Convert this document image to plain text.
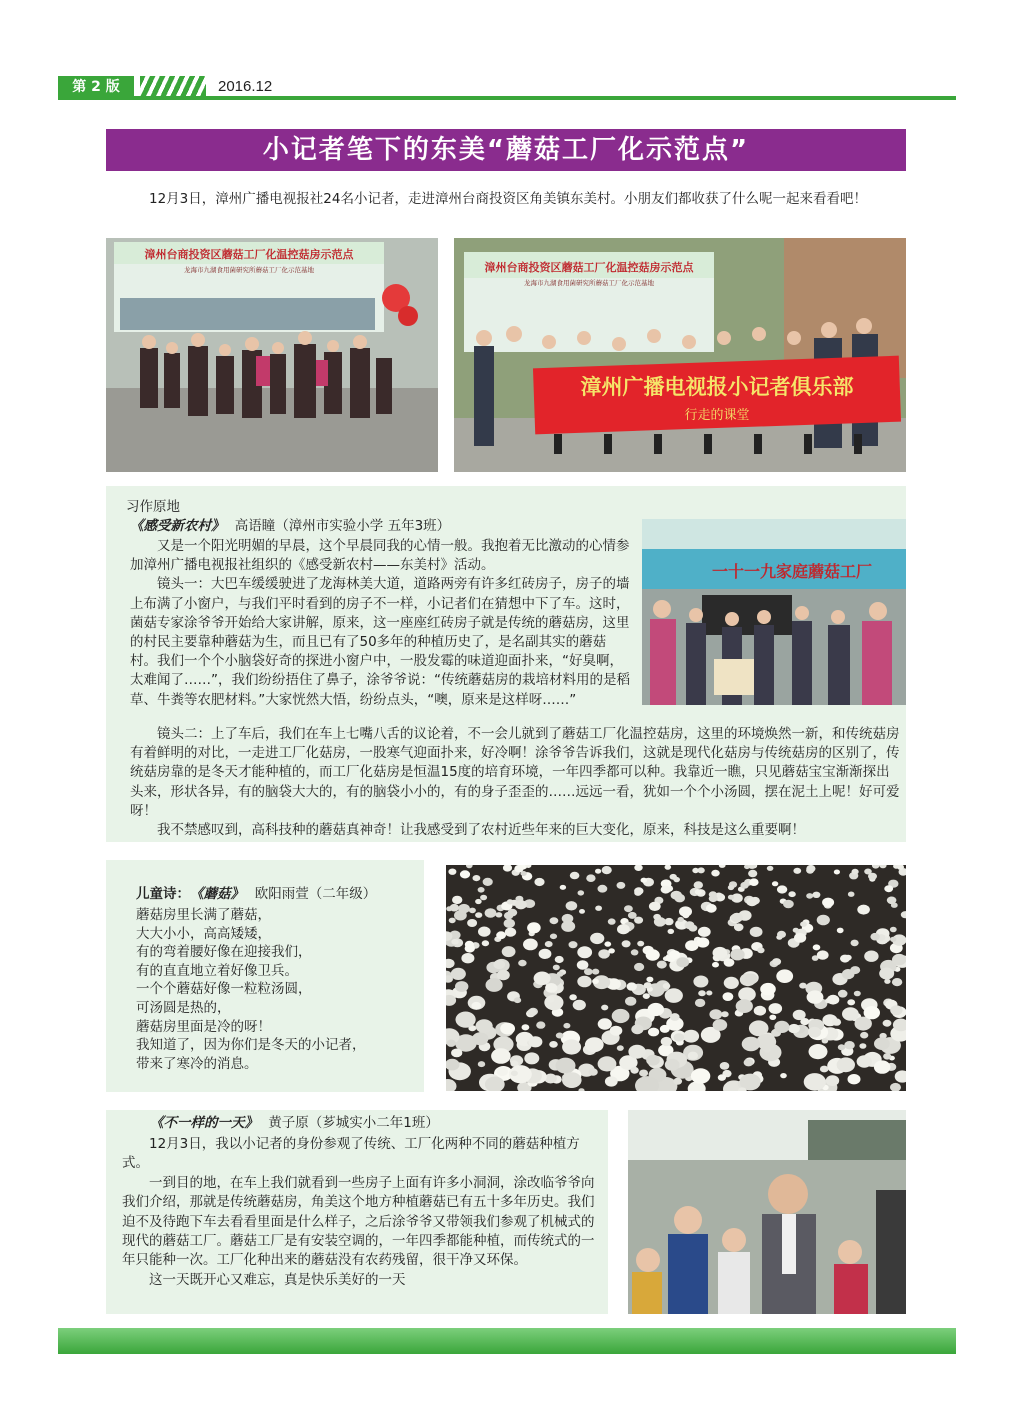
第 2 版	2016.12
小记者笔下的东美“蘑菇工厂化示范点”
12月3日，漳州广播电视报社24名小记者，走进漳州台商投资区角美镇东美村。小朋友们都收获了什么呢一起来看看吧！
漳州台商投资区蘑菇工厂化温控菇房示范点
龙海市九湖食用菌研究所蘑菇工厂化示范基地	漳州台商投资区蘑菇工厂化温控菇房示范点
龙海市九湖食用菌研究所蘑菇工厂化示范基地
漳州广播电视报小记者俱乐部
行走的课堂
习作原地
《感受新农村》 高语瞳（漳州市实验小学 五年3班）
一十一九家庭蘑菇工厂

又是一个阳光明媚的早晨，这个早晨同我的心情一般。我抱着无比激动的心情参加漳州广播电视报社组织的《感受新农村——东美村》活动。

镜头一：大巴车缓缓驶进了龙海林美大道，道路两旁有许多红砖房子，房子的墙上布满了小窗户，与我们平时看到的房子不一样，小记者们在猜想中下了车。这时，菌菇专家涂爷爷开始给大家讲解，原来，这一座座红砖房子就是传统的蘑菇房，这里的村民主要靠种蘑菇为生，而且已有了50多年的种植历史了，是名副其实的蘑菇村。我们一个个小脑袋好奇的探进小窗户中，一股发霉的味道迎面扑来，“好臭啊，太难闻了……”，我们纷纷捂住了鼻子，涂爷爷说：“传统蘑菇房的栽培材料用的是稻草、牛粪等农肥材料。”大家恍然大悟，纷纷点头，“噢，原来是这样呀……”

镜头二：上了车后，我们在车上七嘴八舌的议论着，不一会儿就到了蘑菇工厂化温控菇房，这里的环境焕然一新，和传统菇房有着鲜明的对比，一走进工厂化菇房，一股寒气迎面扑来，好冷啊！涂爷爷告诉我们，这就是现代化菇房与传统菇房的区别了，传统菇房靠的是冬天才能种植的，而工厂化菇房是恒温15度的培育环境，一年四季都可以种。我靠近一瞧，只见蘑菇宝宝渐渐探出头来，形状各异，有的脑袋大大的，有的脑袋小小的，有的身子歪歪的……远远一看，犹如一个个小汤圆，摆在泥土上呢！好可爱呀！

我不禁感叹到，高科技种的蘑菇真神奇！让我感受到了农村近些年来的巨大变化，原来，科技是这么重要啊！

儿童诗：《蘑菇》 欧阳雨萱（二年级）
蘑菇房里长满了蘑菇，
大大小小，高高矮矮，
有的弯着腰好像在迎接我们，
有的直直地立着好像卫兵。
一个个蘑菇好像一粒粒汤圆，
可汤圆是热的，
蘑菇房里面是冷的呀！
我知道了，因为你们是冬天的小记者，
带来了寒冷的消息。
《不一样的一天》 黄子原（芗城实小二年1班）

12月3日，我以小记者的身份参观了传统、工厂化两种不同的蘑菇种植方式。

一到目的地，在车上我们就看到一些房子上面有许多小洞洞，涂改临爷爷向我们介绍，那就是传统蘑菇房，角美这个地方种植蘑菇已有五十多年历史。我们迫不及待跑下车去看看里面是什么样子，之后涂爷爷又带领我们参观了机械式的现代的蘑菇工厂。蘑菇工厂是有安装空调的，一年四季都能种植，而传统式的一年只能种一次。工厂化种出来的蘑菇没有农药残留，很干净又环保。

这一天既开心又难忘，真是快乐美好的一天
